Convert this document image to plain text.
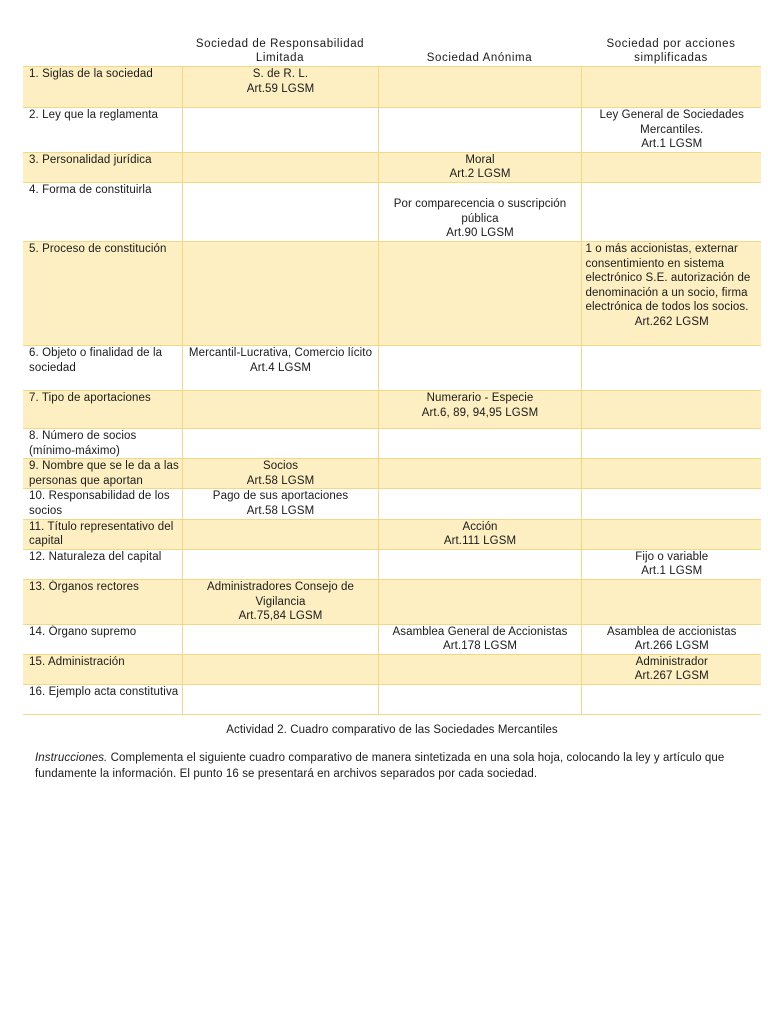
	Sociedad de Responsabilidad Limitada	Sociedad Anónima	Sociedad por acciones simplificadas
1. Siglas de la sociedad	S. de R. L.
Art.59 LGSM		

2. Ley que la reglamenta			Ley General de Sociedades Mercantiles.
Art.1 LGSM

3. Personalidad jurídica		Moral
Art.2 LGSM	

4. Forma de constituirla		Por comparecencia o suscripción pública
Art.90 LGSM	

5. Proceso de constitución			1 o más accionistas, externar consentimiento en sistema electrónico S.E. autorización de denominación a un socio, firma electrónica de todos los socios.
Art.262 LGSM

6. Objeto o finalidad de la sociedad	Mercantil-Lucrativa, Comercio lícito
Art.4 LGSM		

7. Tipo de aportaciones		Numerario - Especie
Art.6, 89, 94,95 LGSM	

8. Número de socios (mínimo-máximo)			
9. Nombre que se le da a las personas que aportan	Socios
Art.58 LGSM		

10. Responsabilidad de los socios	Pago de sus aportaciones
Art.58 LGSM		

11. Título representativo del capital		Acción
Art.111 LGSM	

12. Naturaleza del capital			Fijo o variable
Art.1 LGSM

13. Órganos rectores	Administradores Consejo de Vigilancia
Art.75,84 LGSM		

14. Órgano supremo		Asamblea General de Accionistas
Art.178 LGSM	Asamblea de accionistas
Art.266 LGSM

15. Administración			Administrador
Art.267 LGSM

16. Ejemplo acta constitutiva			
Actividad 2. Cuadro comparativo de las Sociedades Mercantiles
Instrucciones. Complementa el siguiente cuadro comparativo de manera sintetizada en una sola hoja, colocando la ley y artículo que fundamente la información. El punto 16 se presentará en archivos separados por cada sociedad.
